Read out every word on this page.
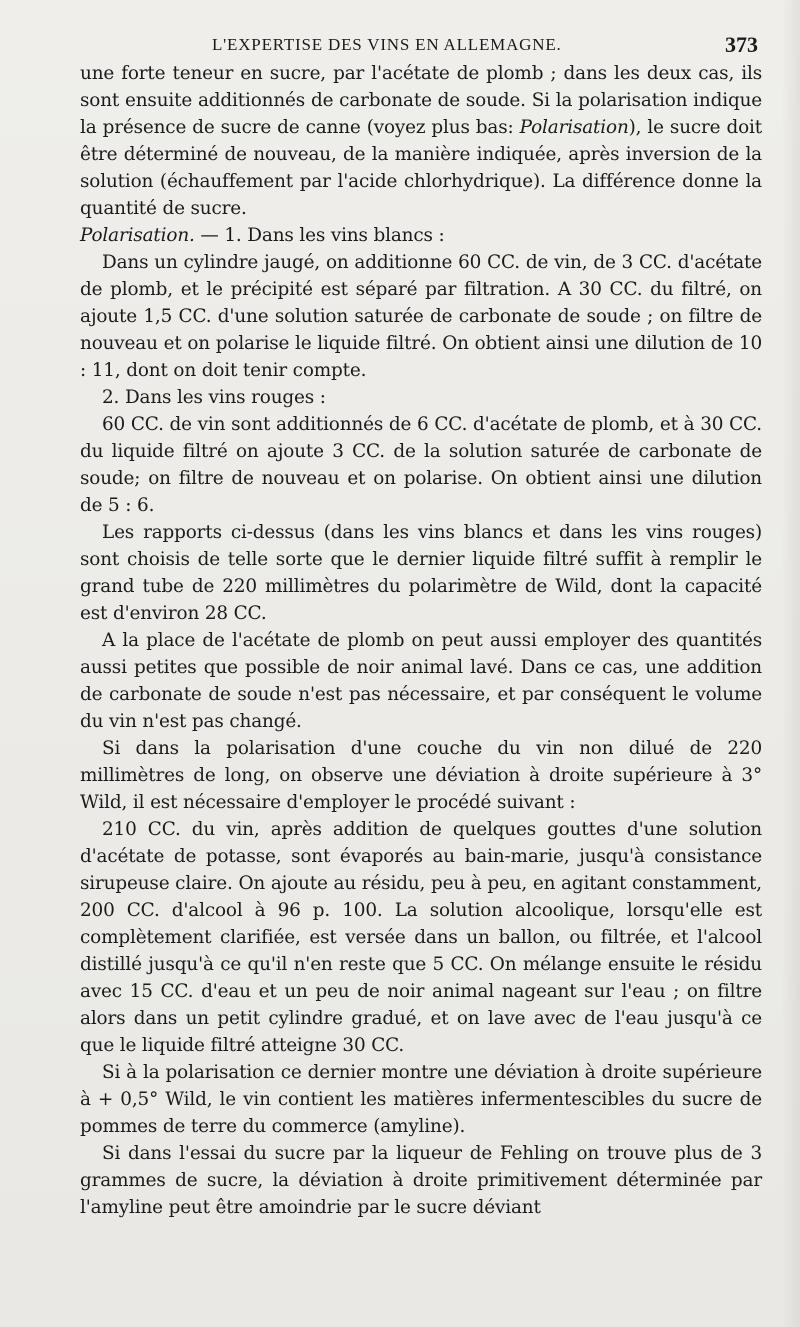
L'EXPERTISE DES VINS EN ALLEMAGNE.	373

une forte teneur en sucre, par l'acétate de plomb ; dans les deux cas, ils sont ensuite additionnés de carbonate de soude. Si la polarisation indique la présence de sucre de canne (voyez plus bas: Polarisation), le sucre doit être déterminé de nouveau, de la manière indiquée, après inversion de la solution (échauffement par l'acide chlorhydrique). La différence donne la quantité de sucre.

Polarisation. — 1. Dans les vins blancs :

Dans un cylindre jaugé, on additionne 60 CC. de vin, de 3 CC. d'acétate de plomb, et le précipité est séparé par filtration. A 30 CC. du filtré, on ajoute 1,5 CC. d'une solution saturée de carbonate de soude ; on filtre de nouveau et on polarise le liquide filtré. On obtient ainsi une dilution de 10 : 11, dont on doit tenir compte.

2. Dans les vins rouges :

60 CC. de vin sont additionnés de 6 CC. d'acétate de plomb, et à 30 CC. du liquide filtré on ajoute 3 CC. de la solution saturée de carbonate de soude; on filtre de nouveau et on polarise. On obtient ainsi une dilution de 5 : 6.

Les rapports ci-dessus (dans les vins blancs et dans les vins rouges) sont choisis de telle sorte que le dernier liquide filtré suffit à remplir le grand tube de 220 millimètres du polarimètre de Wild, dont la capacité est d'environ 28 CC.

A la place de l'acétate de plomb on peut aussi employer des quantités aussi petites que possible de noir animal lavé. Dans ce cas, une addition de carbonate de soude n'est pas nécessaire, et par conséquent le volume du vin n'est pas changé.

Si dans la polarisation d'une couche du vin non dilué de 220 millimètres de long, on observe une déviation à droite supérieure à 3° Wild, il est nécessaire d'employer le procédé suivant :

210 CC. du vin, après addition de quelques gouttes d'une solution d'acétate de potasse, sont évaporés au bain-marie, jusqu'à consistance sirupeuse claire. On ajoute au résidu, peu à peu, en agitant constamment, 200 CC. d'alcool à 96 p. 100. La solution alcoolique, lorsqu'elle est complètement clarifiée, est versée dans un ballon, ou filtrée, et l'alcool distillé jusqu'à ce qu'il n'en reste que 5 CC. On mélange ensuite le résidu avec 15 CC. d'eau et un peu de noir animal nageant sur l'eau ; on filtre alors dans un petit cylindre gradué, et on lave avec de l'eau jusqu'à ce que le liquide filtré atteigne 30 CC.

Si à la polarisation ce dernier montre une déviation à droite supérieure à + 0,5° Wild, le vin contient les matières infermentescibles du sucre de pommes de terre du commerce (amyline).

Si dans l'essai du sucre par la liqueur de Fehling on trouve plus de 3 grammes de sucre, la déviation à droite primitivement déterminée par l'amyline peut être amoindrie par le sucre déviant
